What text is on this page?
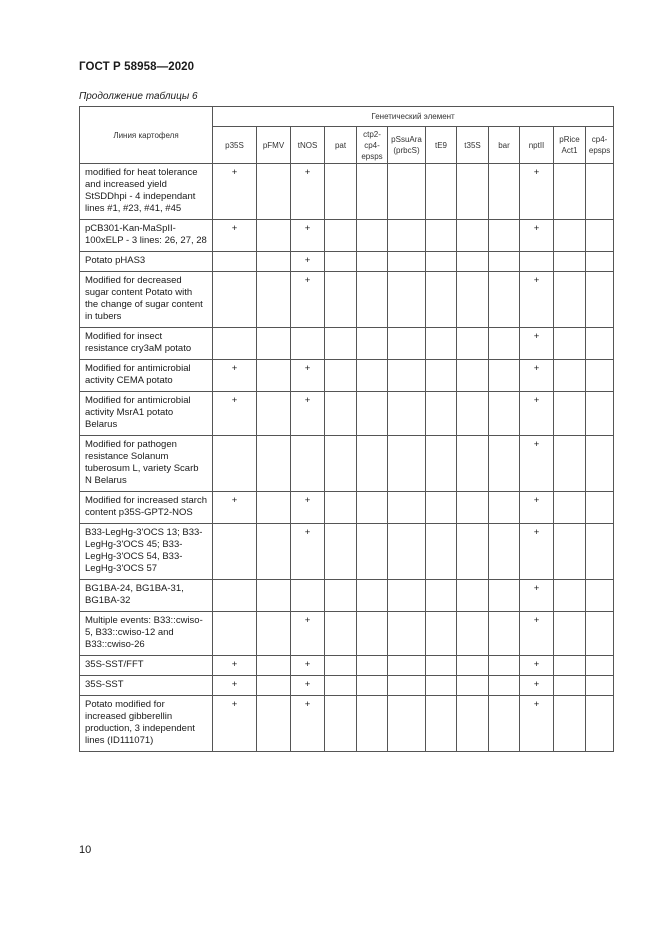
ГОСТ Р 58958—2020
Продолжение таблицы 6
Линия картофеля	Генетический элемент											
	p35S	pFMV	tNOS	pat	ctp2-cp4-epsps	pSsuAra (prbcS)	tE9	t35S	bar	nptII	pRice Act1	cp4-epsps
modified for heat tolerance and increased yield StSDDhpi - 4 independant lines #1, #23, #41, #45	+		+							+		
pCB301-Kan-MaSpII-100xELP - 3 lines: 26, 27, 28	+		+							+		
Potato pHAS3			+									
Modified for decreased sugar content Potato with the change of sugar content in tubers			+							+		
Modified for insect resistance cry3aM potato										+		
Modified for antimicrobial activity CEMA potato	+		+							+		
Modified for antimicrobial activity MsrA1 potato Belarus	+		+							+		
Modified for pathogen resistance Solanum tuberosum L, variety Scarb N Belarus										+		
Modified for increased starch content p35S-GPT2-NOS	+		+							+		
B33-LegHg-3'OCS 13; B33-LegHg-3'OCS 45; B33-LegHg-3'OCS 54, B33-LegHg-3'OCS 57			+							+		
BG1BA-24, BG1BA-31, BG1BA-32										+		
Multiple events: B33::cwiso-5, B33::cwiso-12 and B33::cwiso-26			+							+		
35S-SST/FFT	+		+							+		
35S-SST	+		+							+		
Potato modified for increased gibberellin production, 3 independent lines (ID111071)	+		+							+		
10
